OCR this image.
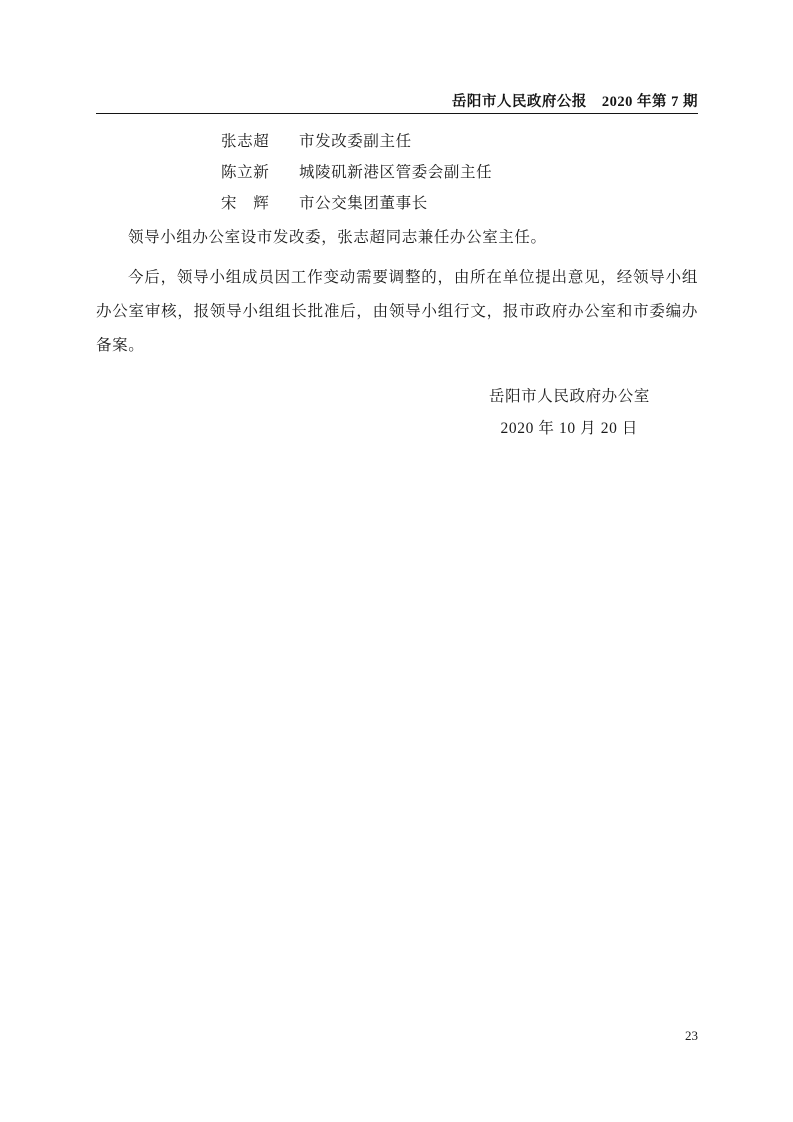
岳阳市人民政府公报　2020 年第 7 期
张志超 市发改委副主任
陈立新 城陵矶新港区管委会副主任
宋　辉 市公交集团董事长
领导小组办公室设市发改委，张志超同志兼任办公室主任。
今后，领导小组成员因工作变动需要调整的，由所在单位提出意见，经领导小组办公室审核，报领导小组组长批准后，由领导小组行文，报市政府办公室和市委编办备案。
岳阳市人民政府办公室
2020 年 10 月 20 日
23
